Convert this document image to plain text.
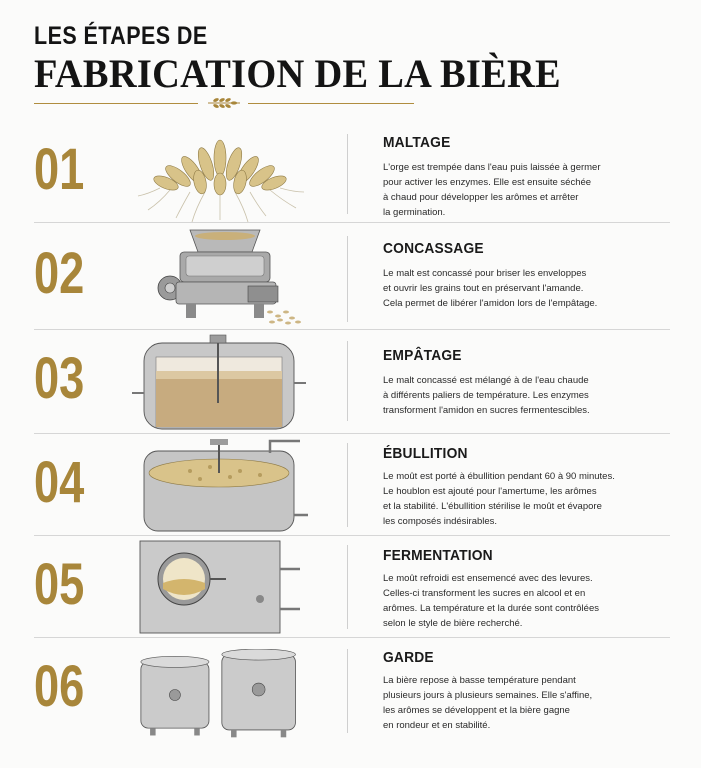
LES ÉTAPES DE
FABRICATION DE LA BIÈRE
01	MALTAGE
L'orge est trempée dans l'eau puis laissée à germer
pour activer les enzymes. Elle est ensuite séchée
à chaud pour développer les arômes et arrêter
la germination.
02	CONCASSAGE
Le malt est concassé pour briser les enveloppes
et ouvrir les grains tout en préservant l'amande.
Cela permet de libérer l'amidon lors de l'empâtage.
03	EMPÂTAGE
Le malt concassé est mélangé à de l'eau chaude
à différents paliers de température. Les enzymes
transforment l'amidon en sucres fermentescibles.
04	ÉBULLITION
Le moût est porté à ébullition pendant 60 à 90 minutes.
Le houblon est ajouté pour l'amertume, les arômes
et la stabilité. L'ébullition stérilise le moût et évapore
les composés indésirables.
05	FERMENTATION
Le moût refroidi est ensemencé avec des levures.
Celles-ci transforment les sucres en alcool et en
arômes. La température et la durée sont contrôlées
selon le style de bière recherché.
06	GARDE
La bière repose à basse température pendant
plusieurs jours à plusieurs semaines. Elle s'affine,
les arômes se développent et la bière gagne
en rondeur et en stabilité.
